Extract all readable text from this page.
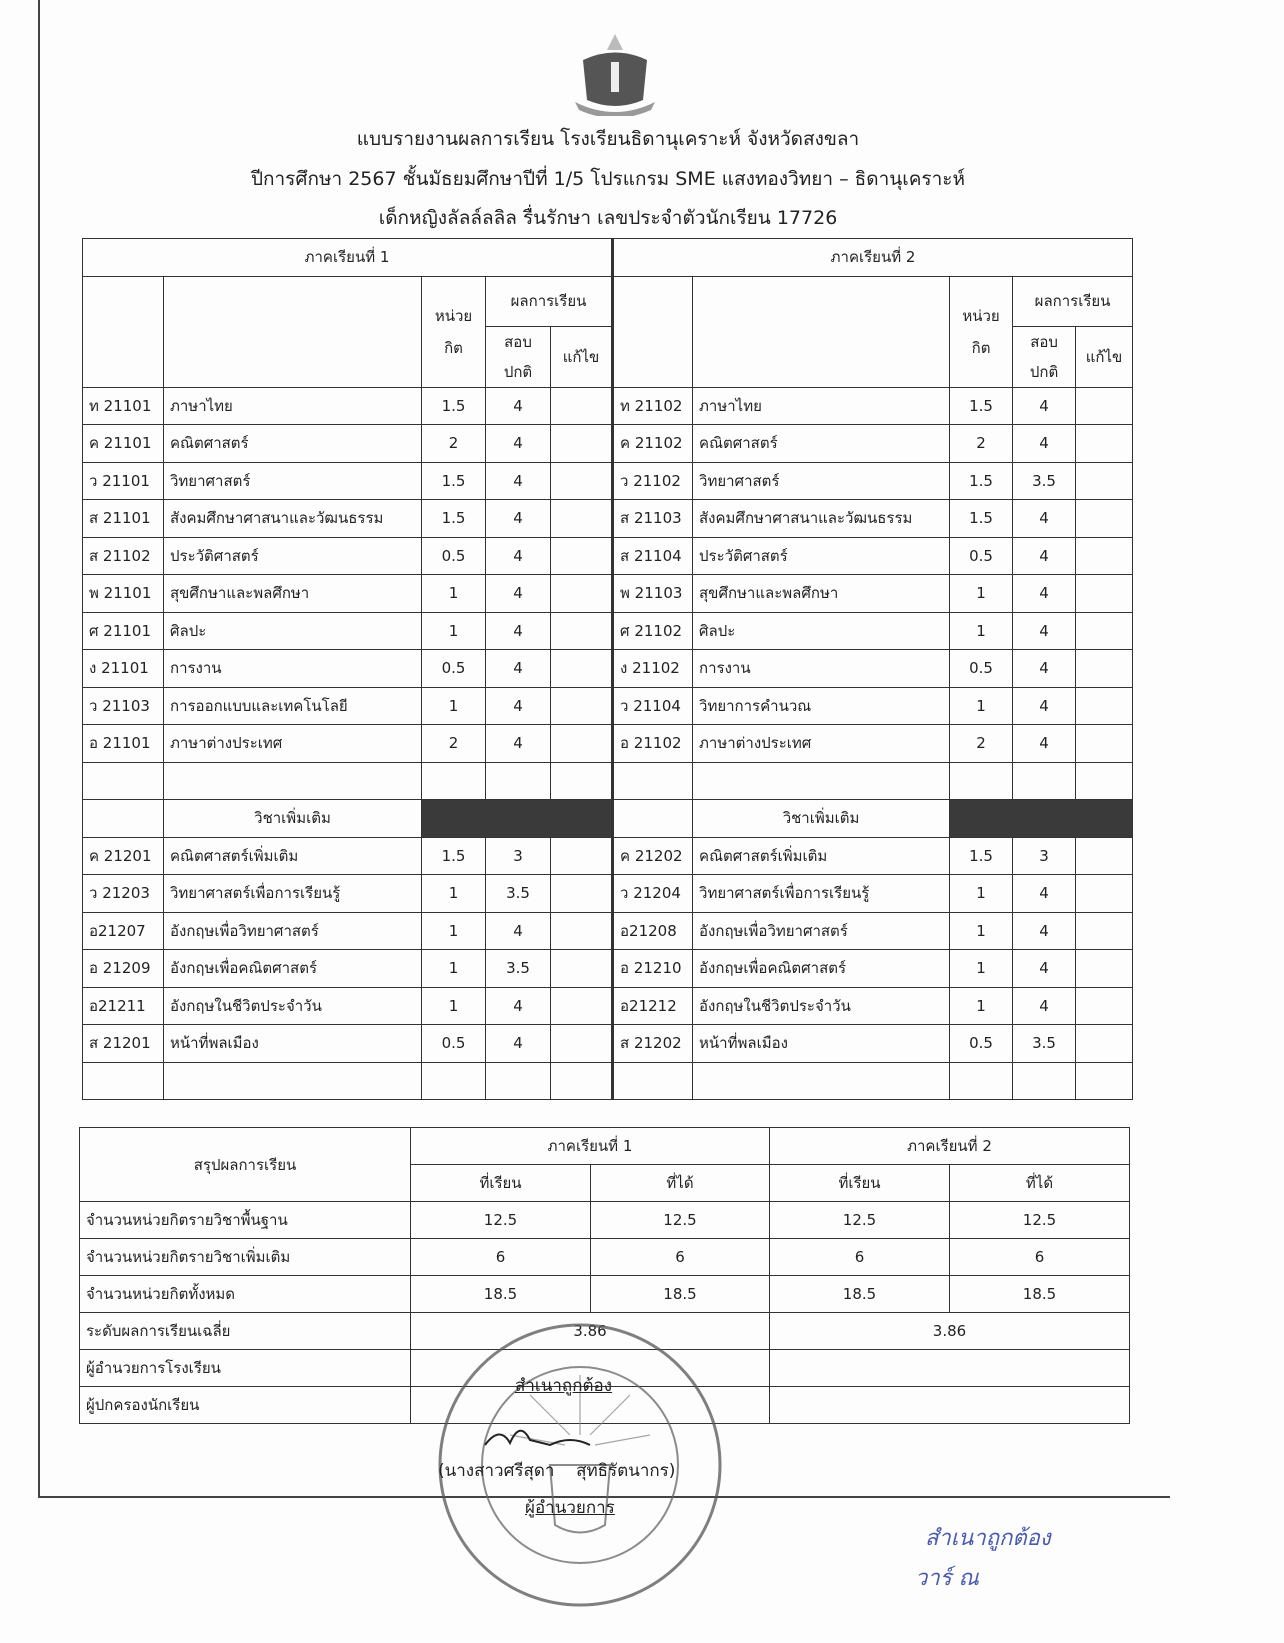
แบบรายงานผลการเรียน โรงเรียนธิดานุเคราะห์ จังหวัดสงขลา
ปีการศึกษา 2567 ชั้นมัธยมศึกษาปีที่ 1/5 โปรแกรม SME แสงทองวิทยา – ธิดานุเคราะห์
เด็กหญิงลัลล์ลลิล รื่นรักษา เลขประจำตัวนักเรียน 17726
ภาคเรียนที่ 1					ภาคเรียนที่ 2				
		หน่วย กิต	ผลการเรียน				หน่วย กิต	ผลการเรียน	
			สอบ ปกติ	แก้ไข				สอบ ปกติ	แก้ไข
ท 21101	ภาษาไทย	1.5	4		ท 21102	ภาษาไทย	1.5	4	
ค 21101	คณิตศาสตร์	2	4		ค 21102	คณิตศาสตร์	2	4	
ว 21101	วิทยาศาสตร์	1.5	4		ว 21102	วิทยาศาสตร์	1.5	3.5	
ส 21101	สังคมศึกษาศาสนาและวัฒนธรรม	1.5	4		ส 21103	สังคมศึกษาศาสนาและวัฒนธรรม	1.5	4	
ส 21102	ประวัติศาสตร์	0.5	4		ส 21104	ประวัติศาสตร์	0.5	4	
พ 21101	สุขศึกษาและพลศึกษา	1	4		พ 21103	สุขศึกษาและพลศึกษา	1	4	
ศ 21101	ศิลปะ	1	4		ศ 21102	ศิลปะ	1	4	
ง 21101	การงาน	0.5	4		ง 21102	การงาน	0.5	4	
ว 21103	การออกแบบและเทคโนโลยี	1	4		ว 21104	วิทยาการคำนวณ	1	4	
อ 21101	ภาษาต่างประเทศ	2	4		อ 21102	ภาษาต่างประเทศ	2	4	

	วิชาเพิ่มเติม					วิชาเพิ่มเติม			
ค 21201	คณิตศาสตร์เพิ่มเติม	1.5	3		ค 21202	คณิตศาสตร์เพิ่มเติม	1.5	3	
ว 21203	วิทยาศาสตร์เพื่อการเรียนรู้	1	3.5		ว 21204	วิทยาศาสตร์เพื่อการเรียนรู้	1	4	
อ21207	อังกฤษเพื่อวิทยาศาสตร์	1	4		อ21208	อังกฤษเพื่อวิทยาศาสตร์	1	4	
อ 21209	อังกฤษเพื่อคณิตศาสตร์	1	3.5		อ 21210	อังกฤษเพื่อคณิตศาสตร์	1	4	
อ21211	อังกฤษในชีวิตประจำวัน	1	4		อ21212	อังกฤษในชีวิตประจำวัน	1	4	
ส 21201	หน้าที่พลเมือง	0.5	4		ส 21202	หน้าที่พลเมือง	0.5	3.5	

สรุปผลการเรียน	ภาคเรียนที่ 1		ภาคเรียนที่ 2	
	ที่เรียน	ที่ได้	ที่เรียน	ที่ได้
จำนวนหน่วยกิตรายวิชาพื้นฐาน	12.5	12.5	12.5	12.5
จำนวนหน่วยกิตรายวิชาเพิ่มเติม	6	6	6	6
จำนวนหน่วยกิตทั้งหมด	18.5	18.5	18.5	18.5
ระดับผลการเรียนเฉลี่ย	3.86		3.86	
ผู้อำนวยการโรงเรียน				
ผู้ปกครองนักเรียน				
สำเนาถูกต้อง
(นางสาวศรีสุดา    สุทธิรัตนากร)
ผู้อำนวยการ
สำเนาถูกต้อง
วาร์ ณ
